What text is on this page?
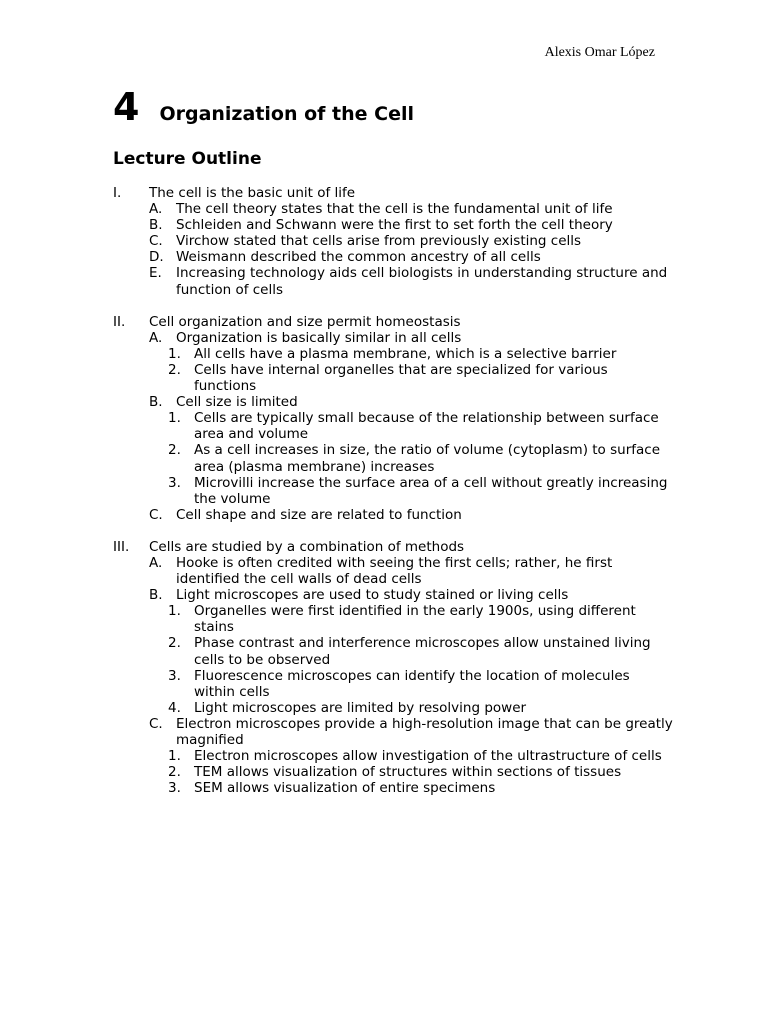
Alexis Omar López
4 Organization of the Cell
Lecture Outline
I.	The cell is the basic unit of life
A.	The cell theory states that the cell is the fundamental unit of life
B. Schleiden and Schwann were the first to set forth the cell theory
C. Virchow stated that cells arise from previously existing cells
D. Weismann described the common ancestry of all cells
E.	Increasing technology aids cell biologists in understanding structure and function of cells
II.	Cell organization and size permit homeostasis
A.	Organization is basically similar in all cells
1. All cells have a plasma membrane, which is a selective barrier
2. Cells have internal organelles that are specialized for various functions
B. Cell size is limited
1. Cells are typically small because of the relationship between surface area and volume
2. As a cell increases in size, the ratio of volume (cytoplasm) to surface area (plasma membrane) increases
3. Microvilli increase the surface area of a cell without greatly increasing the volume
C. Cell shape and size are related to function
III.	Cells are studied by a combination of methods
A.	Hooke is often credited with seeing the first cells; rather, he first identified the cell walls of dead cells
B. Light microscopes are used to study stained or living cells
1. Organelles were first identified in the early 1900s, using different stains
2. Phase contrast and interference microscopes allow unstained living cells to be observed
3. Fluorescence microscopes can identify the location of molecules within cells
4. Light microscopes are limited by resolving power
C. Electron microscopes provide a high-resolution image that can be greatly magnified
1. Electron microscopes allow investigation of the ultrastructure of cells
2. TEM allows visualization of structures within sections of tissues
3. SEM allows visualization of entire specimens
